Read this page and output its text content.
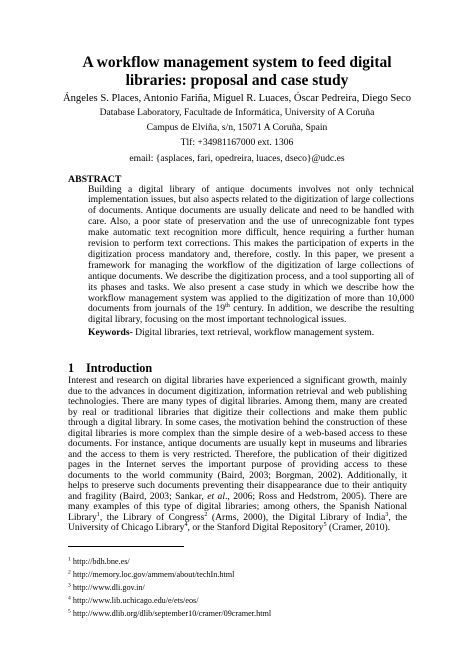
A workflow management system to feed digital
libraries: proposal and case study
Ángeles S. Places, Antonio Fariña, Miguel R. Luaces, Óscar Pedreira, Diego Seco
Database Laboratory, Facultade de Informática, University of A Coruña
Campus de Elviña, s/n, 15071 A Coruña, Spain
Tlf: +34981167000 ext. 1306
email: {asplaces, fari, opedreira, luaces, dseco}@udc.es
ABSTRACT
Building a digital library of antique documents involves not only technical implementation issues, but also aspects related to the digitization of large collections of documents. Antique documents are usually delicate and need to be handled with care. Also, a poor state of preservation and the use of unrecognizable font types make automatic text recognition more difficult, hence requiring a further human revision to perform text corrections. This makes the participation of experts in the digitization process mandatory and, therefore, costly. In this paper, we present a framework for managing the workflow of the digitization of large collections of antique documents. We describe the digitization process, and a tool supporting all of its phases and tasks. We also present a case study in which we describe how the workflow management system was applied to the digitization of more than 10,000 documents from journals of the 19th century. In addition, we describe the resulting digital library, focusing on the most important technological issues.
Keywords- Digital libraries, text retrieval, workflow management system.
1 Introduction
Interest and research on digital libraries have experienced a significant growth, mainly due to the advances in document digitization, information retrieval and web publishing technologies. There are many types of digital libraries. Among them, many are created by real or traditional libraries that digitize their collections and make them public through a digital library. In some cases, the motivation behind the construction of these digital libraries is more complex than the simple desire of a web-based access to these documents. For instance, antique documents are usually kept in museums and libraries and the access to them is very restricted. Therefore, the publication of their digitized pages in the Internet serves the important purpose of providing access to these documents to the world community (Baird, 2003; Borgman, 2002). Additionally, it helps to preserve such documents preventing their disappearance due to their antiquity and fragility (Baird, 2003; Sankar, et al., 2006; Ross and Hedstrom, 2005). There are many examples of this type of digital libraries; among others, the Spanish National Library$^1$, the Library of Congress$^2$ (Arms, 2000), the Digital Library of India$^3$, the University of Chicago Library$^4$, or the Stanford Digital Repository$^5$ (Cramer, 2010).
$^1$ http://bdh.bne.es/
$^2$ http://memory.loc.gov/ammem/about/techIn.html
$^3$ http://www.dli.gov.in/
$^4$ http://www.lib.uchicago.edu/e/ets/eos/
$^5$ http://www.dlib.org/dlib/september10/cramer/09cramer.html
